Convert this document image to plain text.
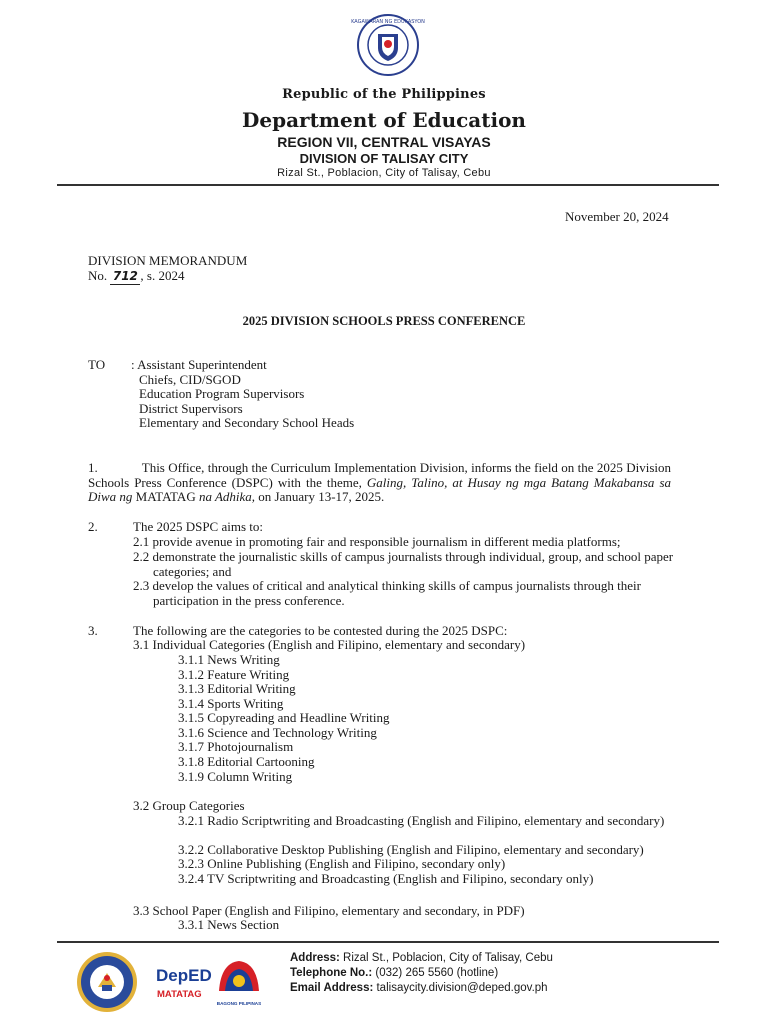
KAGAWARAN NG EDUKASYON
Republic of the Philippines
Department of Education
REGION VII, CENTRAL VISAYAS
DIVISION OF TALISAY CITY
Rizal St., Poblacion, City of Talisay, Cebu
November 20, 2024
DIVISION MEMORANDUM
No. 712 , s. 2024
2025 DIVISION SCHOOLS PRESS CONFERENCE
TO : Assistant Superintendent
Chiefs, CID/SGOD
Education Program Supervisors
District Supervisors
Elementary and Secondary School Heads
1.	This Office, through the Curriculum Implementation Division, informs the field on the 2025 Division Schools Press Conference (DSPC) with the theme, Galing, Talino, at Husay ng mga Batang Makabansa sa Diwa ng MATATAG na Adhika, on January 13-17, 2025.
2.	The 2025 DSPC aims to:
2.1 provide avenue in promoting fair and responsible journalism in different media platforms;
2.2 demonstrate the journalistic skills of campus journalists through individual, group, and school paper categories; and
2.3 develop the values of critical and analytical thinking skills of campus journalists through their participation in the press conference.
3.	The following are the categories to be contested during the 2025 DSPC:
3.1 Individual Categories (English and Filipino, elementary and secondary)
3.1.1 News Writing
3.1.2 Feature Writing
3.1.3 Editorial Writing
3.1.4 Sports Writing
3.1.5 Copyreading and Headline Writing
3.1.6 Science and Technology Writing
3.1.7 Photojournalism
3.1.8 Editorial Cartooning
3.1.9 Column Writing
3.2 Group Categories
3.2.1 Radio Scriptwriting and Broadcasting (English and Filipino, elementary and secondary)
3.2.2 Collaborative Desktop Publishing (English and Filipino, elementary and secondary)
3.2.3 Online Publishing (English and Filipino, secondary only)
3.2.4 TV Scriptwriting and Broadcasting (English and Filipino, secondary only)
3.3 School Paper (English and Filipino, elementary and secondary, in PDF)
3.3.1 News Section
DepED
MATATAG
BAGONG PILIPINAS
Address: Rizal St., Poblacion, City of Talisay, Cebu
Telephone No.: (032) 265 5560 (hotline)
Email Address: talisaycity.division@deped.gov.ph
